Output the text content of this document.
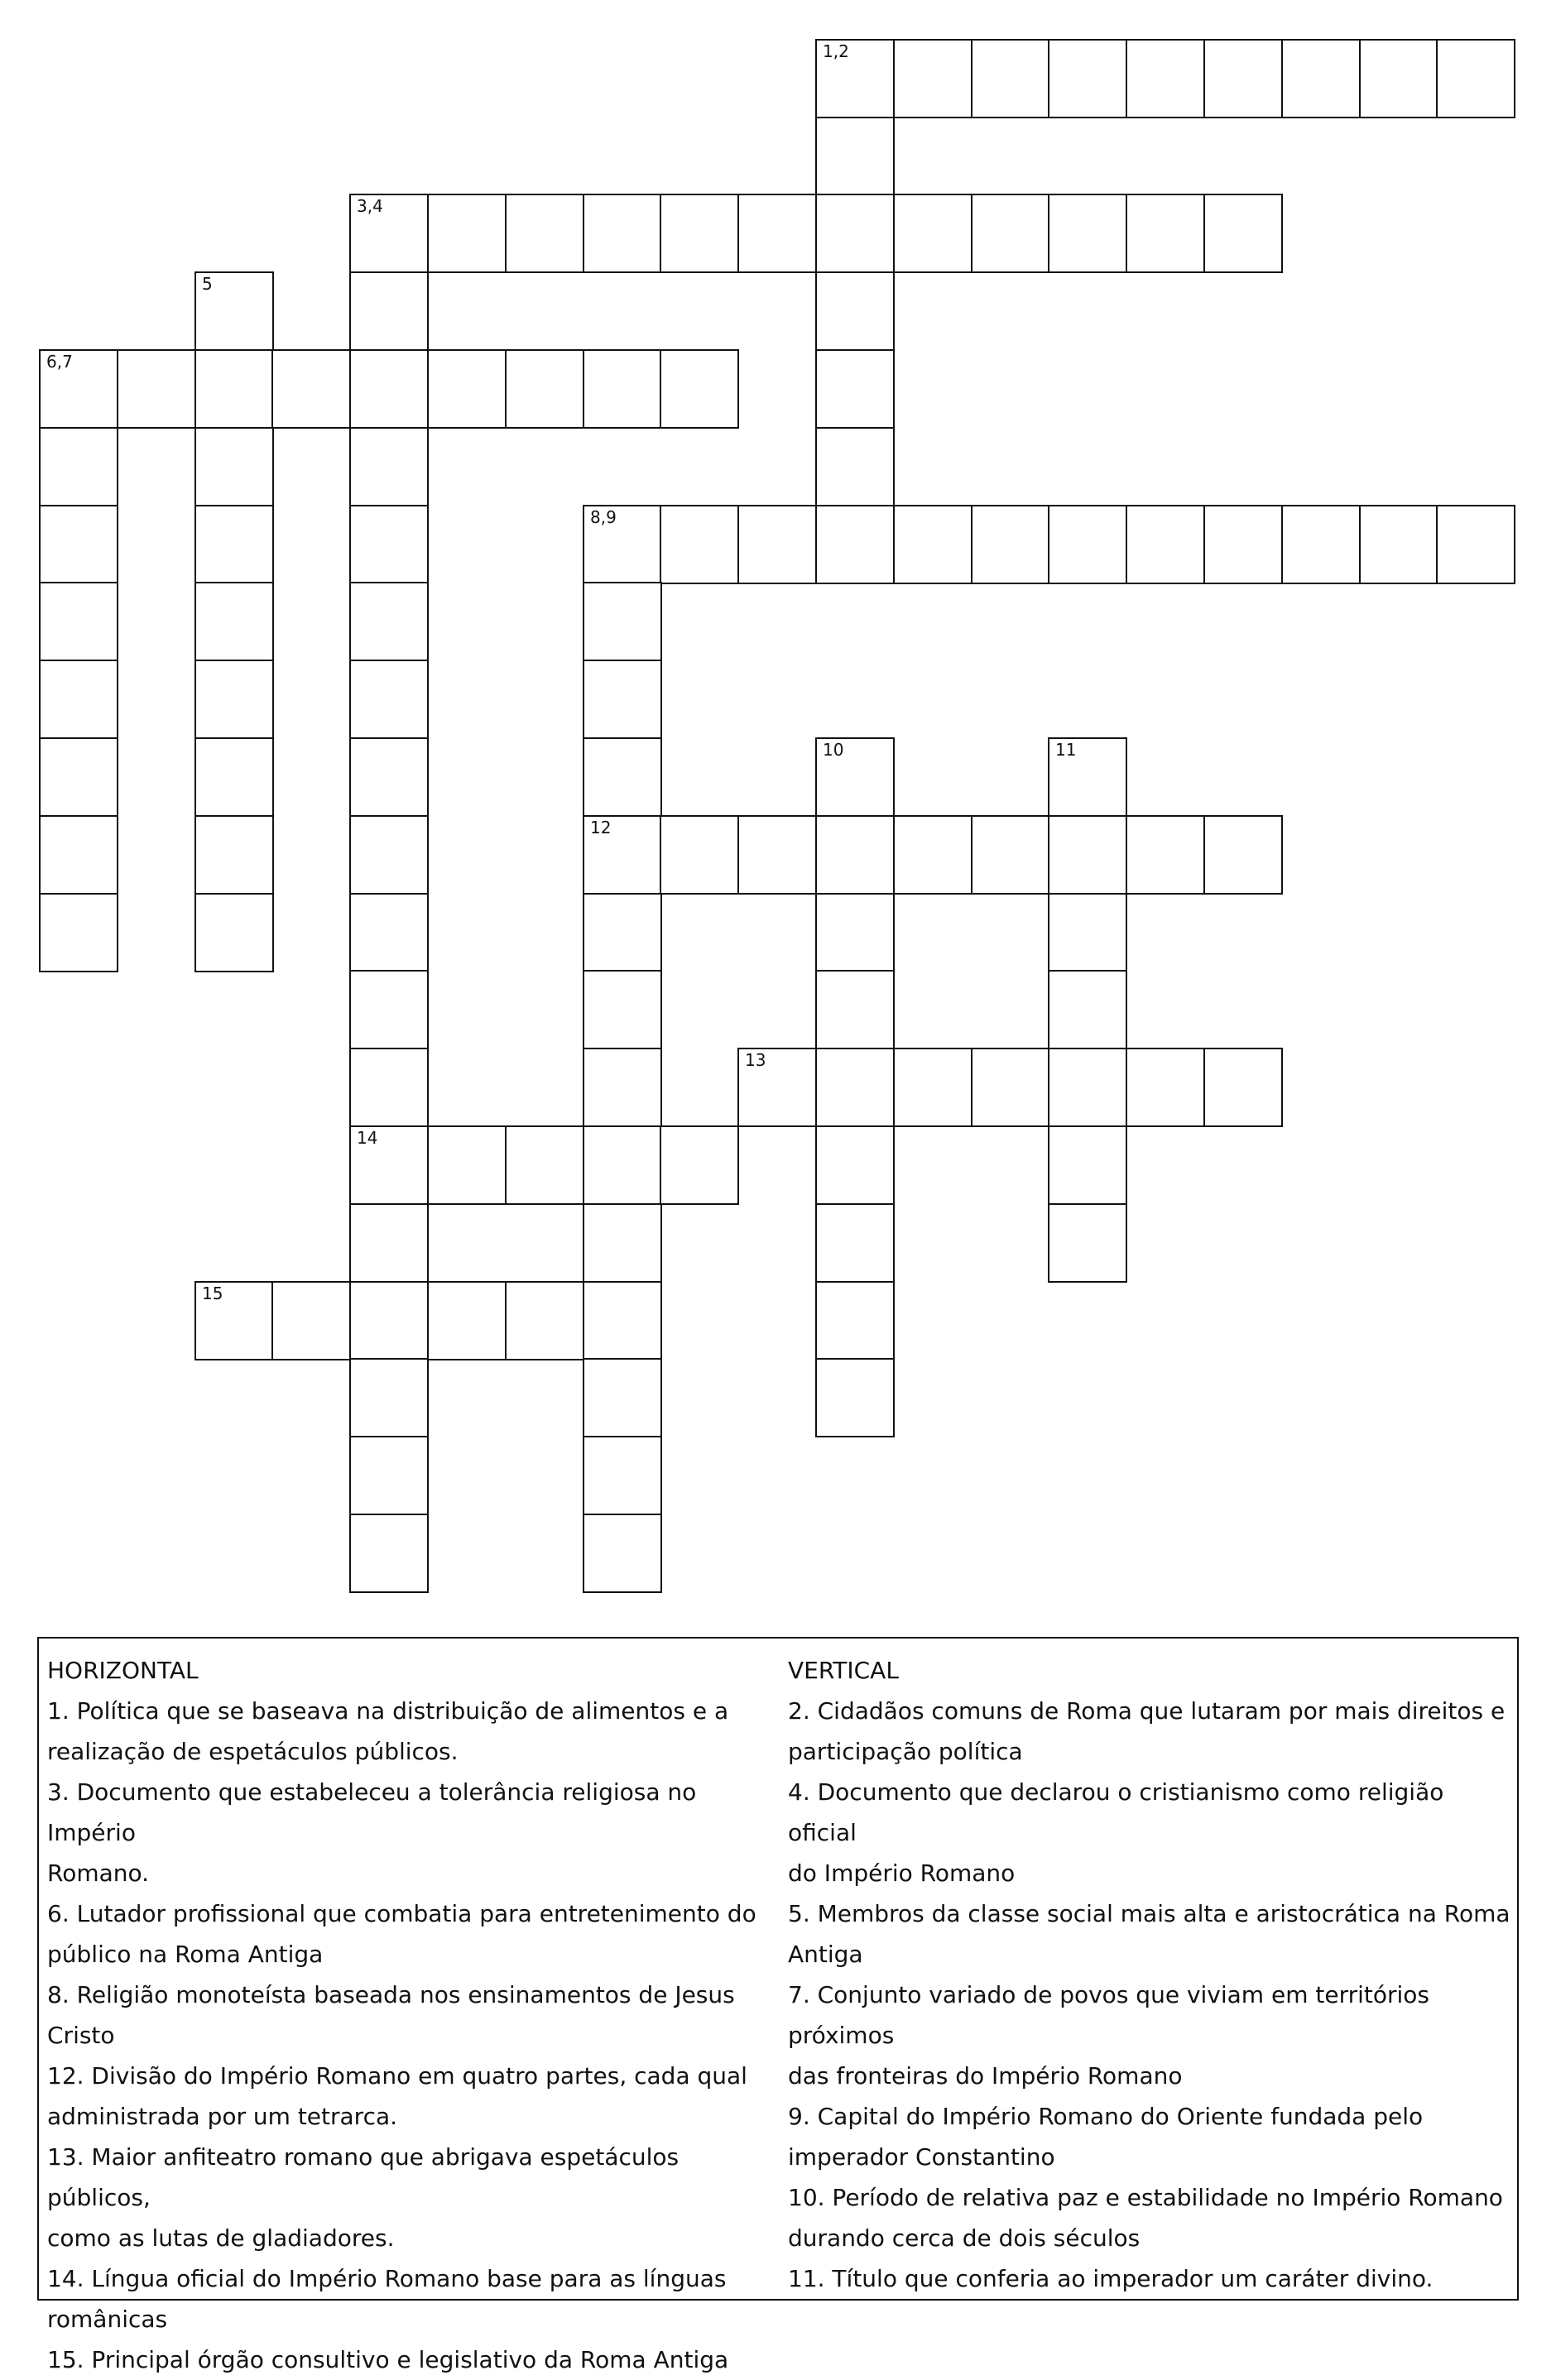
1,2
3,4
5
6,7
8,9
10	11
12
13
14
15

HORIZONTAL

1. Política que se baseava na distribuição de alimentos e a

realização de espetáculos públicos.

3. Documento que estabeleceu a tolerância religiosa no Império

Romano.

6. Lutador profissional que combatia para entretenimento do

público na Roma Antiga

8. Religião monoteísta baseada nos ensinamentos de Jesus Cristo

12. Divisão do Império Romano em quatro partes, cada qual

administrada por um tetrarca.

13. Maior anfiteatro romano que abrigava espetáculos públicos,

como as lutas de gladiadores.

14. Língua oficial do Império Romano base para as línguas

românicas

15. Principal órgão consultivo e legislativo da Roma Antiga

VERTICAL

2. Cidadãos comuns de Roma que lutaram por mais direitos e

participação política

4. Documento que declarou o cristianismo como religião oficial

do Império Romano

5. Membros da classe social mais alta e aristocrática na Roma

Antiga

7. Conjunto variado de povos que viviam em territórios próximos

das fronteiras do Império Romano

9. Capital do Império Romano do Oriente fundada pelo

imperador Constantino

10. Período de relativa paz e estabilidade no Império Romano

durando cerca de dois séculos

11. Título que conferia ao imperador um caráter divino.
